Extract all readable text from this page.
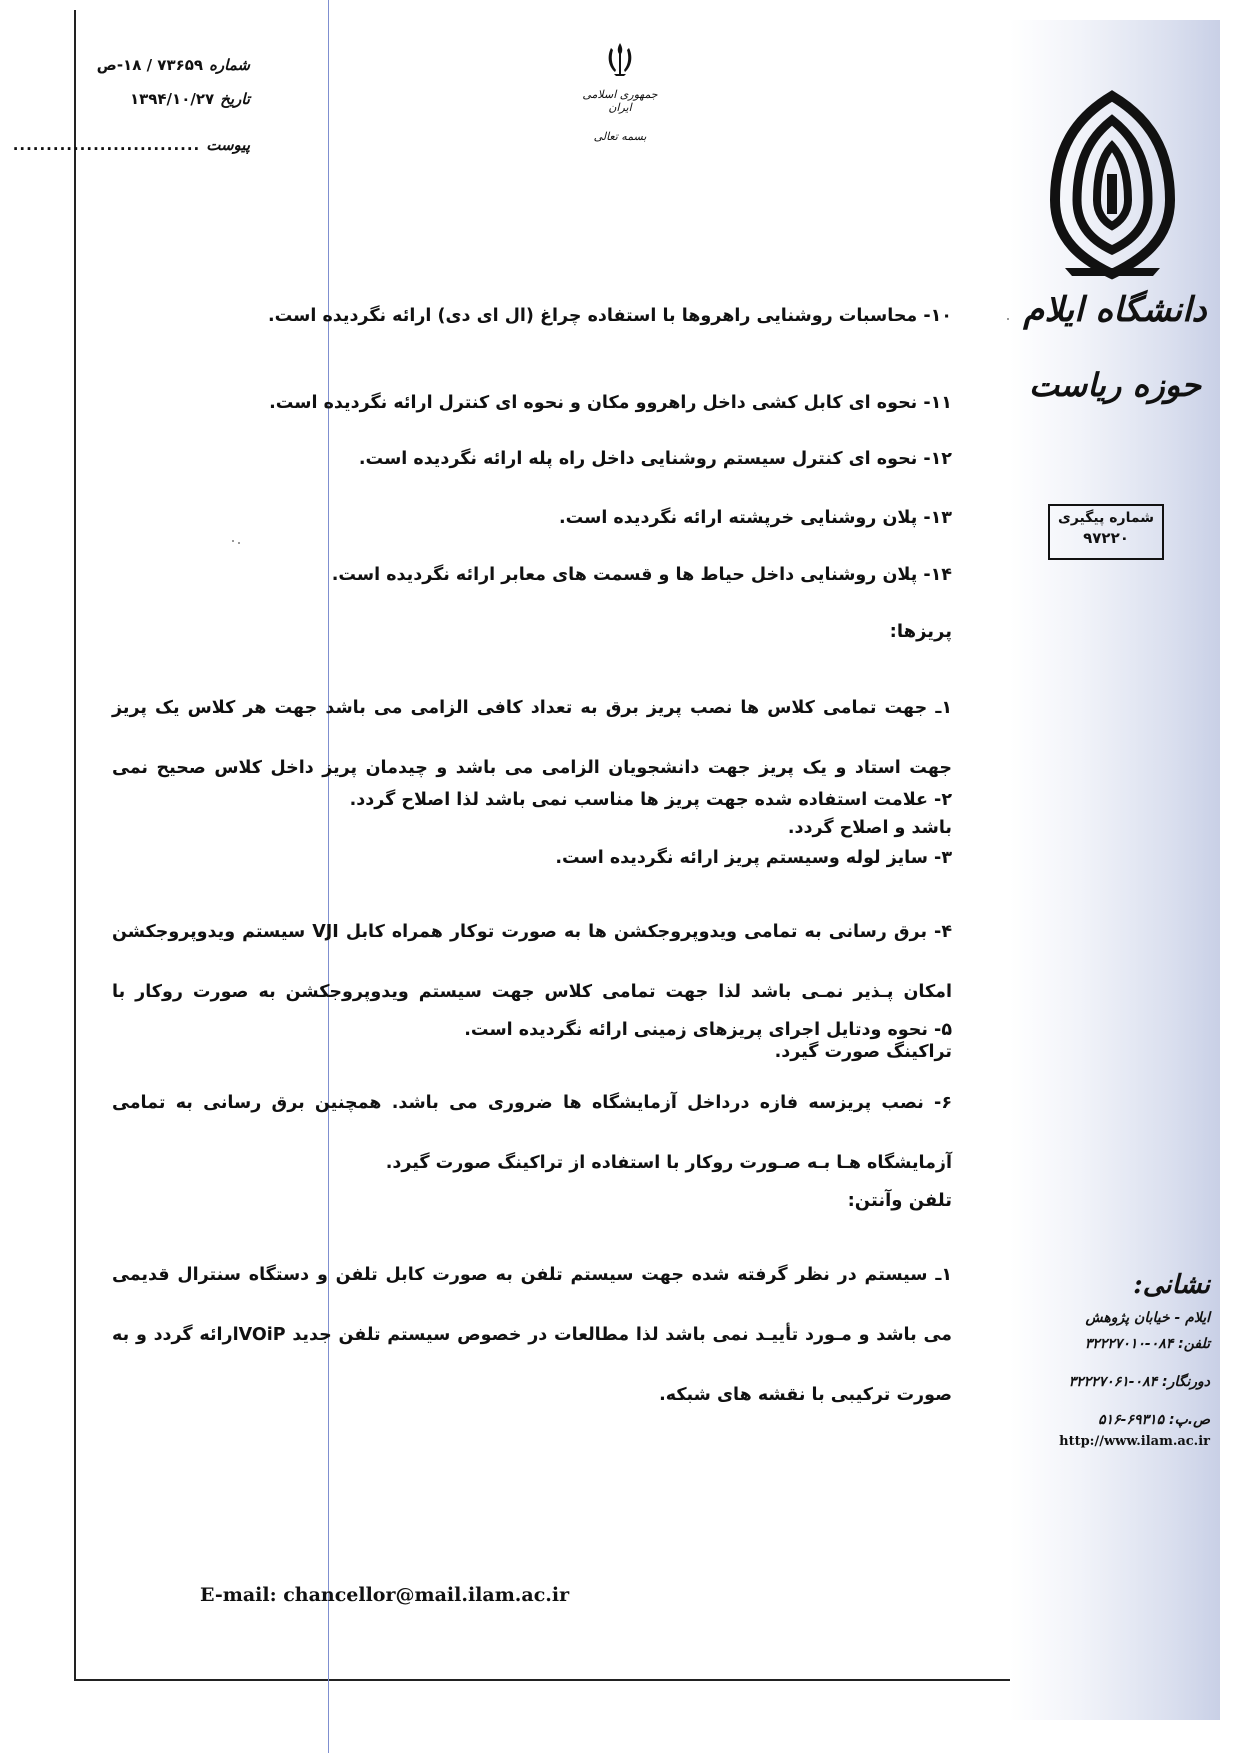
شماره
۷۳۶۵۹ / ۱۸-ص
تاریخ
۱۳۹۴/۱۰/۲۷
پیوست
............................
جمهوری اسلامی ایران
بسمه تعالی
دانشگاه ایلام
حوزه ریاست
شماره پیگیری
۹۷۲۲۰
نشانی:
ایلام - خیابان پژوهش
تلفن: ۰۸۴-۳۲۲۲۷۰۱۰
دورنگار: ۰۸۴-۳۲۲۲۷۰۶۱
ص.پ: ۶۹۳۱۵-۵۱۶
http://www.ilam.ac.ir
۱۰- محاسبات روشنایی راهروها با استفاده چراغ (ال ای دی) ارائه نگردیده است.
۱۱- نحوه ای کابل کشی داخل راهروو مکان و نحوه ای کنترل ارائه نگردیده است.
۱۲- نحوه ای کنترل سیستم روشنایی داخل راه پله ارائه نگردیده است.
۱۳- پلان روشنایی خرپشته ارائه نگردیده است.
۱۴- پلان روشنایی داخل حیاط ها و قسمت های معابر ارائه نگردیده است.
پریزها:
۱ـ جهت تمامی کلاس ها نصب پریز برق به تعداد کافی الزامی می باشد جهت هر کلاس یک پریز جهت استاد و یک پریز جهت دانشجویان الزامی می باشد و چیدمان پریز داخل کلاس صحیح نمی باشد و اصلاح گردد.
۲- علامت استفاده شده جهت پریز ها مناسب نمی باشد لذا اصلاح گردد.
۳- سایز لوله وسیستم پریز ارائه نگردیده است.
۴- برق رسانی به تمامی ویدوپروجکشن ها به صورت توکار همراه کابل VJI سیستم ویدوپروجکشن امکان پـذیر نمـی باشد لذا جهت تمامی کلاس جهت سیستم ویدوپروجکشن به صورت روکار با تراکینگ صورت گیرد.
۵- نحوه ودتایل اجرای پریزهای زمینی ارائه نگردیده است.
۶- نصب پریزسه فازه درداخل آزمایشگاه ها ضروری می باشد. همچنین برق رسانی به تمامی آزمایشگاه هـا بـه صـورت روکار با استفاده از تراکینگ صورت گیرد.
تلفن وآنتن:
۱ـ سیستم در نظر گرفته شده جهت سیستم تلفن به صورت کابل تلفن و دستگاه سنترال قدیمی می باشد و مـورد تأییـد نمی باشد لذا مطالعات در خصوص سیستم تلفن جدید VOiPارائه گردد و به صورت ترکیبی با نقشه های شبکه.
E-mail: chancellor@mail.ilam.ac.ir
